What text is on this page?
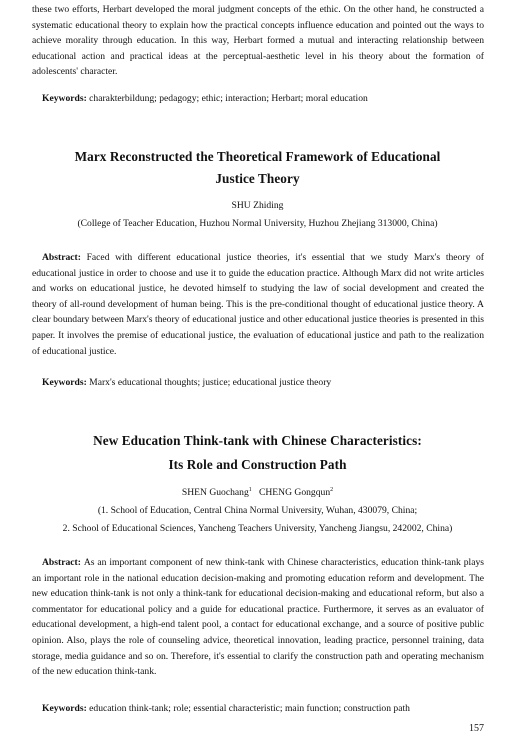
these two efforts, Herbart developed the moral judgment concepts of the ethic. On the other hand, he constructed a systematic educational theory to explain how the practical concepts influence education and pointed out the ways to achieve morality through education. In this way, Herbart formed a mutual and interacting relationship between educational action and practical ideas at the perceptual-aesthetic level in his theory about the formation of adolescents' character.
Keywords: charakterbildung; pedagogy; ethic; interaction; Herbart; moral education
Marx Reconstructed the Theoretical Framework of Educational
Justice Theory
SHU Zhiding
(College of Teacher Education, Huzhou Normal University, Huzhou Zhejiang 313000, China)
Abstract: Faced with different educational justice theories, it's essential that we study Marx's theory of educational justice in order to choose and use it to guide the education practice. Although Marx did not write articles and works on educational justice, he devoted himself to studying the law of social development and created the theory of all-round development of human being. This is the pre-conditional thought of educational justice theory. A clear boundary between Marx's theory of educational justice and other educational justice theories is presented in this paper. It involves the premise of educational justice, the evaluation of educational justice and path to the realization of educational justice.
Keywords: Marx's educational thoughts; justice; educational justice theory
New Education Think-tank with Chinese Characteristics:
Its Role and Construction Path
SHEN Guochang$^1$ CHENG Gongqun$^2$
(1. School of Education, Central China Normal University, Wuhan, 430079, China;
2. School of Educational Sciences, Yancheng Teachers University, Yancheng Jiangsu, 242002, China)
Abstract: As an important component of new think-tank with Chinese characteristics, education think-tank plays an important role in the national education decision-making and promoting education reform and development. The new education think-tank is not only a think-tank for educational decision-making and educational reform, but also a commentator for educational policy and a guide for educational practice. Furthermore, it serves as an evaluator of educational development, a high-end talent pool, a contact for educational exchange, and a source of positive public opinion. Also, plays the role of counseling advice, theoretical innovation, leading practice, personnel training, data storage, media guidance and so on. Therefore, it's essential to clarify the construction path and operating mechanism of the new education think-tank.
Keywords: education think-tank; role; essential characteristic; main function; construction path
157
